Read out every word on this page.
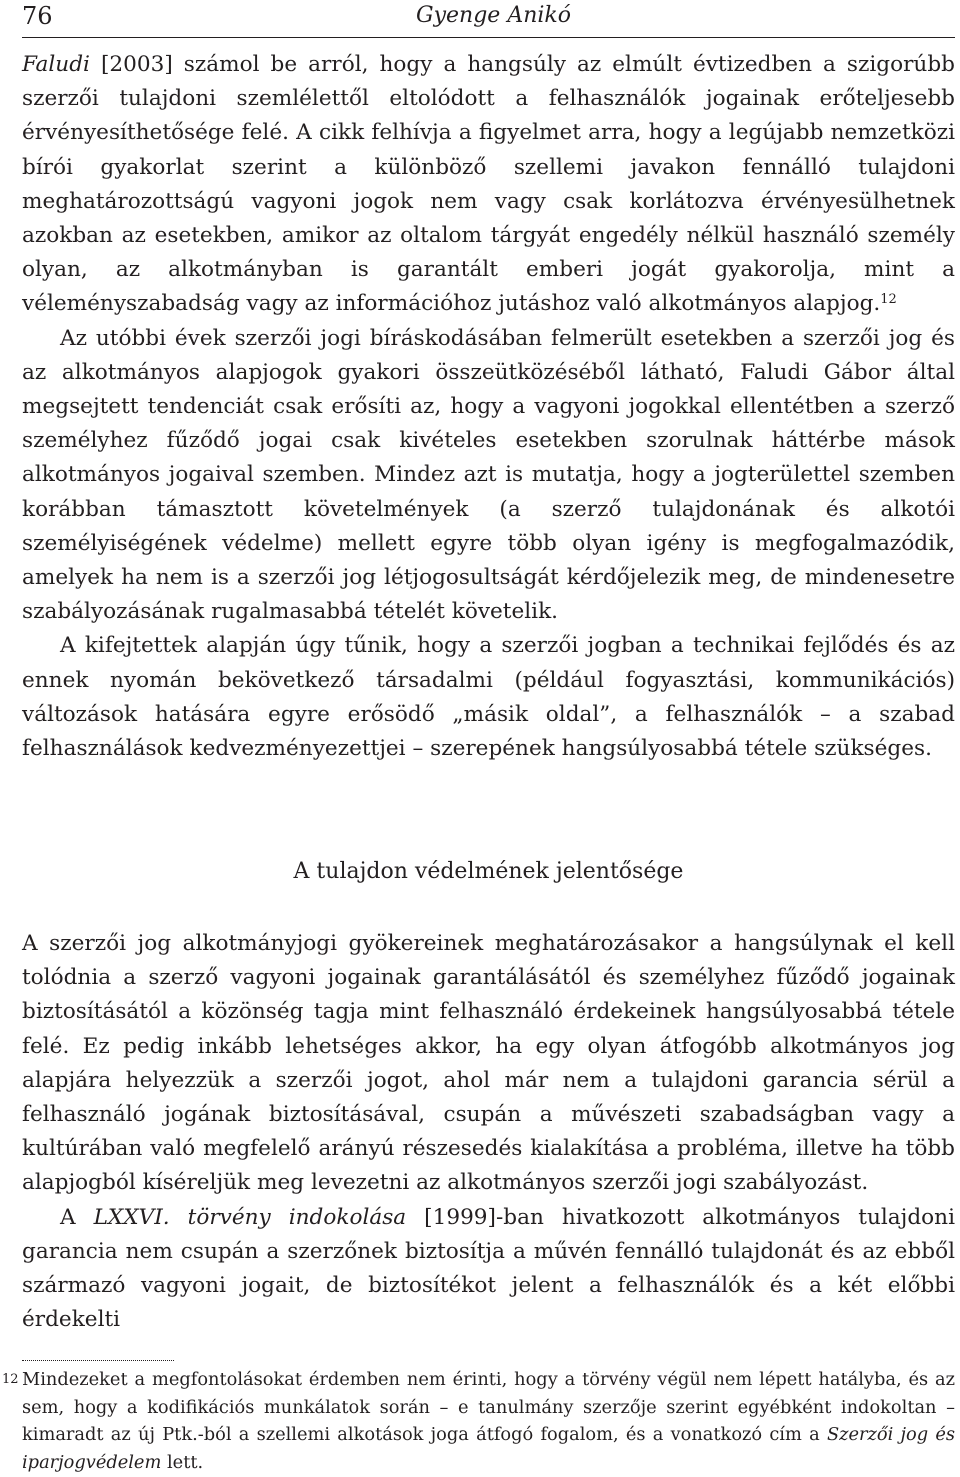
76	Gyenge Anikó

Faludi [2003] számol be arról, hogy a hangsúly az elmúlt évtizedben a szigorúbb szerzői tulajdoni szemlélettől eltolódott a felhasználók jogainak erőteljesebb érvényesíthetősége felé. A cikk felhívja a figyelmet arra, hogy a legújabb nemzetközi bírói gyakorlat szerint a különböző szellemi javakon fennálló tulajdoni meghatározottságú vagyoni jogok nem vagy csak korlátozva érvényesülhetnek azokban az esetekben, amikor az oltalom tárgyát engedély nélkül használó személy olyan, az alkotmányban is garantált emberi jogát gyakorolja, mint a véleményszabadság vagy az információhoz jutáshoz való alkotmányos alapjog.$^{12}$

Az utóbbi évek szerzői jogi bíráskodásában felmerült esetekben a szerzői jog és az alkotmányos alapjogok gyakori összeütközéséből látható, Faludi Gábor által megsejtett tendenciát csak erősíti az, hogy a vagyoni jogokkal ellentétben a szerző személyhez fűződő jogai csak kivételes esetekben szorulnak háttérbe mások alkotmányos jogaival szemben. Mindez azt is mutatja, hogy a jogterülettel szemben korábban támasztott követelmények (a szerző tulajdonának és alkotói személyiségének védelme) mellett egyre több olyan igény is megfogalmazódik, amelyek ha nem is a szerzői jog létjogosultságát kérdőjelezik meg, de mindenesetre szabályozásának rugalmasabbá tételét követelik.

A kifejtettek alapján úgy tűnik, hogy a szerzői jogban a technikai fejlődés és az ennek nyomán bekövetkező társadalmi (például fogyasztási, kommunikációs) változások hatására egyre erősödő „másik oldal”, a felhasználók – a szabad felhasználások kedvezményezettjei – szerepének hangsúlyosabbá tétele szükséges.

A tulajdon védelmének jelentősége

A szerzői jog alkotmányjogi gyökereinek meghatározásakor a hangsúlynak el kell tolódnia a szerző vagyoni jogainak garantálásától és személyhez fűződő jogainak biztosításától a közönség tagja mint felhasználó érdekeinek hangsúlyosabbá tétele felé. Ez pedig inkább lehetséges akkor, ha egy olyan átfogóbb alkotmányos jog alapjára helyezzük a szerzői jogot, ahol már nem a tulajdoni garancia sérül a felhasználó jogának biztosításával, csupán a művészeti szabadságban vagy a kultúrában való megfelelő arányú részesedés kialakítása a probléma, illetve ha több alapjogból kíséreljük meg levezetni az alkotmányos szerzői jogi szabályozást.

A LXXVI. törvény indokolása [1999]-ban hivatkozott alkotmányos tulajdoni garancia nem csupán a szerzőnek biztosítja a művén fennálló tulajdonát és az ebből származó vagyoni jogait, de biztosítékot jelent a felhasználók és a két előbbi érdekelti

12 Mindezeket a megfontolásokat érdemben nem érinti, hogy a törvény végül nem lépett hatályba, és az sem, hogy a kodifikációs munkálatok során – e tanulmány szerzője szerint egyébként indokoltan – kimaradt az új Ptk.-ból a szellemi alkotások joga átfogó fogalom, és a vonatkozó cím a Szerzői jog és iparjogvédelem lett.
